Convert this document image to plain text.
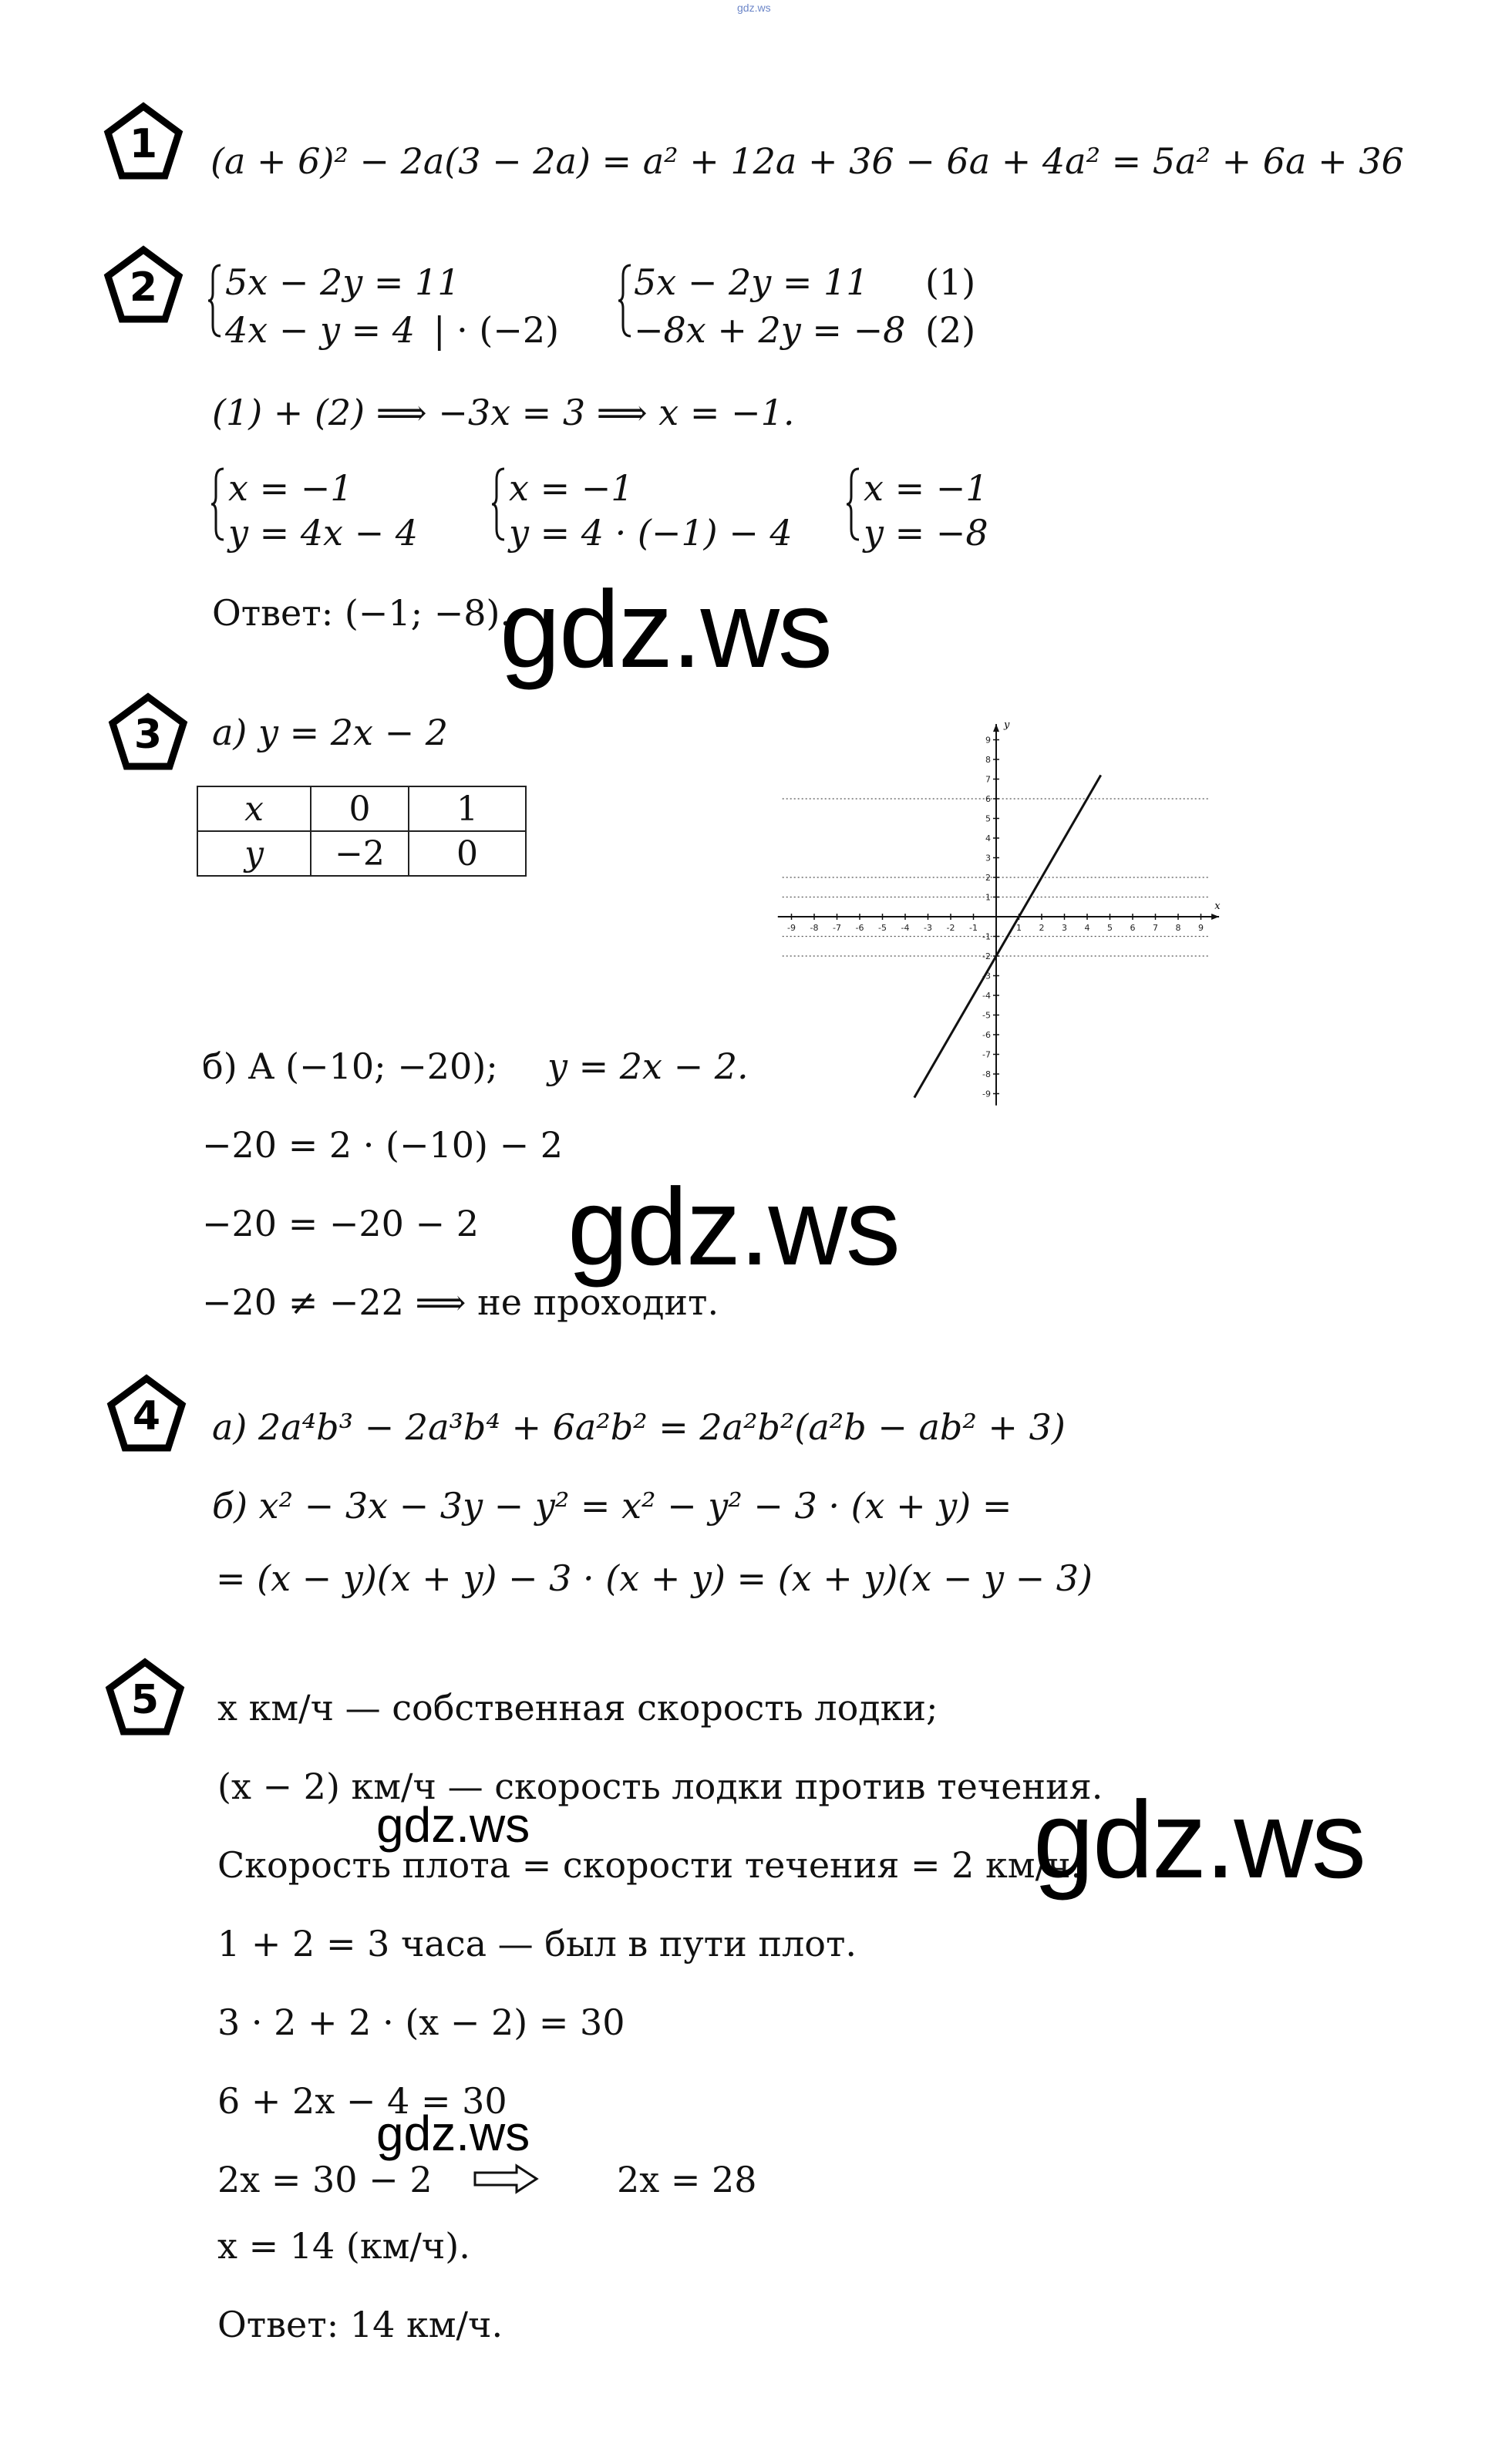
gdz.ws
1 (a + 6)² − 2a(3 − 2a) = a² + 12a + 36 − 6a + 4a² = 5a² + 6a + 36
2 5x − 2y = 11
4x − y = 4 | · (−2)
5x − 2y = 11
−8x + 2y = −8
(1)
(2)
(1) + (2) ⟹ −3x = 3 ⟹ x = −1.
x = −1
y = 4x − 4
x = −1
y = 4 · (−1) − 4
x = −1
y = −8
Ответ: (−1; −8).
gdz.ws
3 а) y = 2x − 2
x	0	1
y	−2	0
-9 -8 -7 -6 -5 -4 -3 -2 -1	1 2 3 4 5 6 7 8 9
9
8
7
6
5
4
3
2
1
-1
-2
-3
-4
-5
-6
-7
-8
-9
x
y
б) A (−10; −20); y = 2x − 2.
−20 = 2 · (−10) − 2
−20 = −20 − 2
−20 ≠ −22 ⟹ не проходит.
gdz.ws
4 а) 2a⁴b³ − 2a³b⁴ + 6a²b² = 2a²b²(a²b − ab² + 3)
б) x² − 3x − 3y − y² = x² − y² − 3 · (x + y) =
= (x − y)(x + y) − 3 · (x + y) = (x + y)(x − y − 3)
5 x км/ч — собственная скорость лодки;
(x − 2) км/ч — скорость лодки против течения.
Скорость плота = скорости течения = 2 км/ч.
1 + 2 = 3 часа — был в пути плот.
3 · 2 + 2 · (x − 2) = 30
6 + 2x − 4 = 30
2x = 30 − 2	2x = 28
x = 14 (км/ч).
Ответ: 14 км/ч.
gdz.ws	gdz.ws
gdz.ws
